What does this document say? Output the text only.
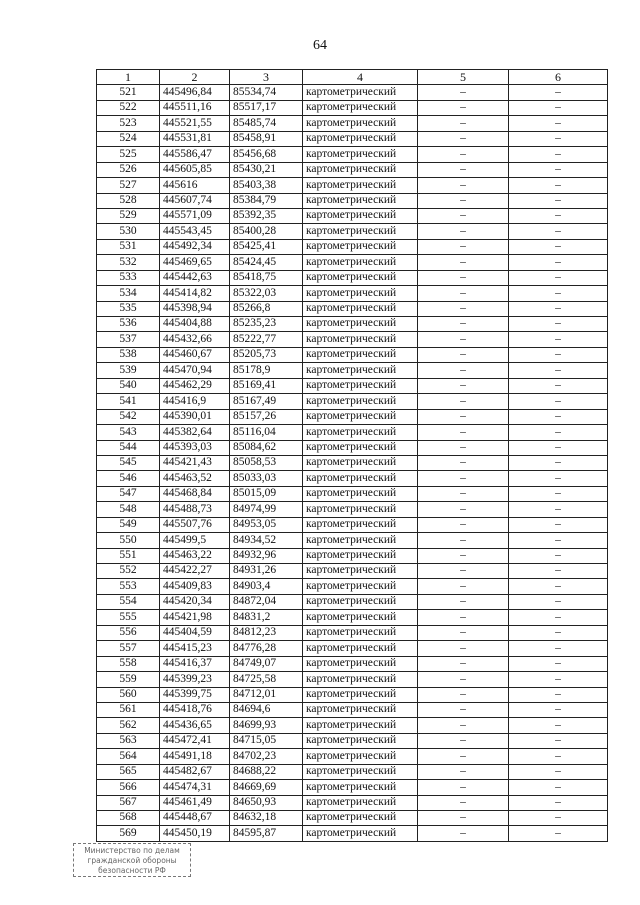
64
1	2	3	4	5	6
521	445496,84	85534,74	картометрический	–	–
522	445511,16	85517,17	картометрический	–	–
523	445521,55	85485,74	картометрический	–	–
524	445531,81	85458,91	картометрический	–	–
525	445586,47	85456,68	картометрический	–	–
526	445605,85	85430,21	картометрический	–	–
527	445616	85403,38	картометрический	–	–
528	445607,74	85384,79	картометрический	–	–
529	445571,09	85392,35	картометрический	–	–
530	445543,45	85400,28	картометрический	–	–
531	445492,34	85425,41	картометрический	–	–
532	445469,65	85424,45	картометрический	–	–
533	445442,63	85418,75	картометрический	–	–
534	445414,82	85322,03	картометрический	–	–
535	445398,94	85266,8	картометрический	–	–
536	445404,88	85235,23	картометрический	–	–
537	445432,66	85222,77	картометрический	–	–
538	445460,67	85205,73	картометрический	–	–
539	445470,94	85178,9	картометрический	–	–
540	445462,29	85169,41	картометрический	–	–
541	445416,9	85167,49	картометрический	–	–
542	445390,01	85157,26	картометрический	–	–
543	445382,64	85116,04	картометрический	–	–
544	445393,03	85084,62	картометрический	–	–
545	445421,43	85058,53	картометрический	–	–
546	445463,52	85033,03	картометрический	–	–
547	445468,84	85015,09	картометрический	–	–
548	445488,73	84974,99	картометрический	–	–
549	445507,76	84953,05	картометрический	–	–
550	445499,5	84934,52	картометрический	–	–
551	445463,22	84932,96	картометрический	–	–
552	445422,27	84931,26	картометрический	–	–
553	445409,83	84903,4	картометрический	–	–
554	445420,34	84872,04	картометрический	–	–
555	445421,98	84831,2	картометрический	–	–
556	445404,59	84812,23	картометрический	–	–
557	445415,23	84776,28	картометрический	–	–
558	445416,37	84749,07	картометрический	–	–
559	445399,23	84725,58	картометрический	–	–
560	445399,75	84712,01	картометрический	–	–
561	445418,76	84694,6	картометрический	–	–
562	445436,65	84699,93	картометрический	–	–
563	445472,41	84715,05	картометрический	–	–
564	445491,18	84702,23	картометрический	–	–
565	445482,67	84688,22	картометрический	–	–
566	445474,31	84669,69	картометрический	–	–
567	445461,49	84650,93	картометрический	–	–
568	445448,67	84632,18	картометрический	–	–
569	445450,19	84595,87	картометрический	–	–
Министерство по делам
гражданской обороны
безопасности РФ
